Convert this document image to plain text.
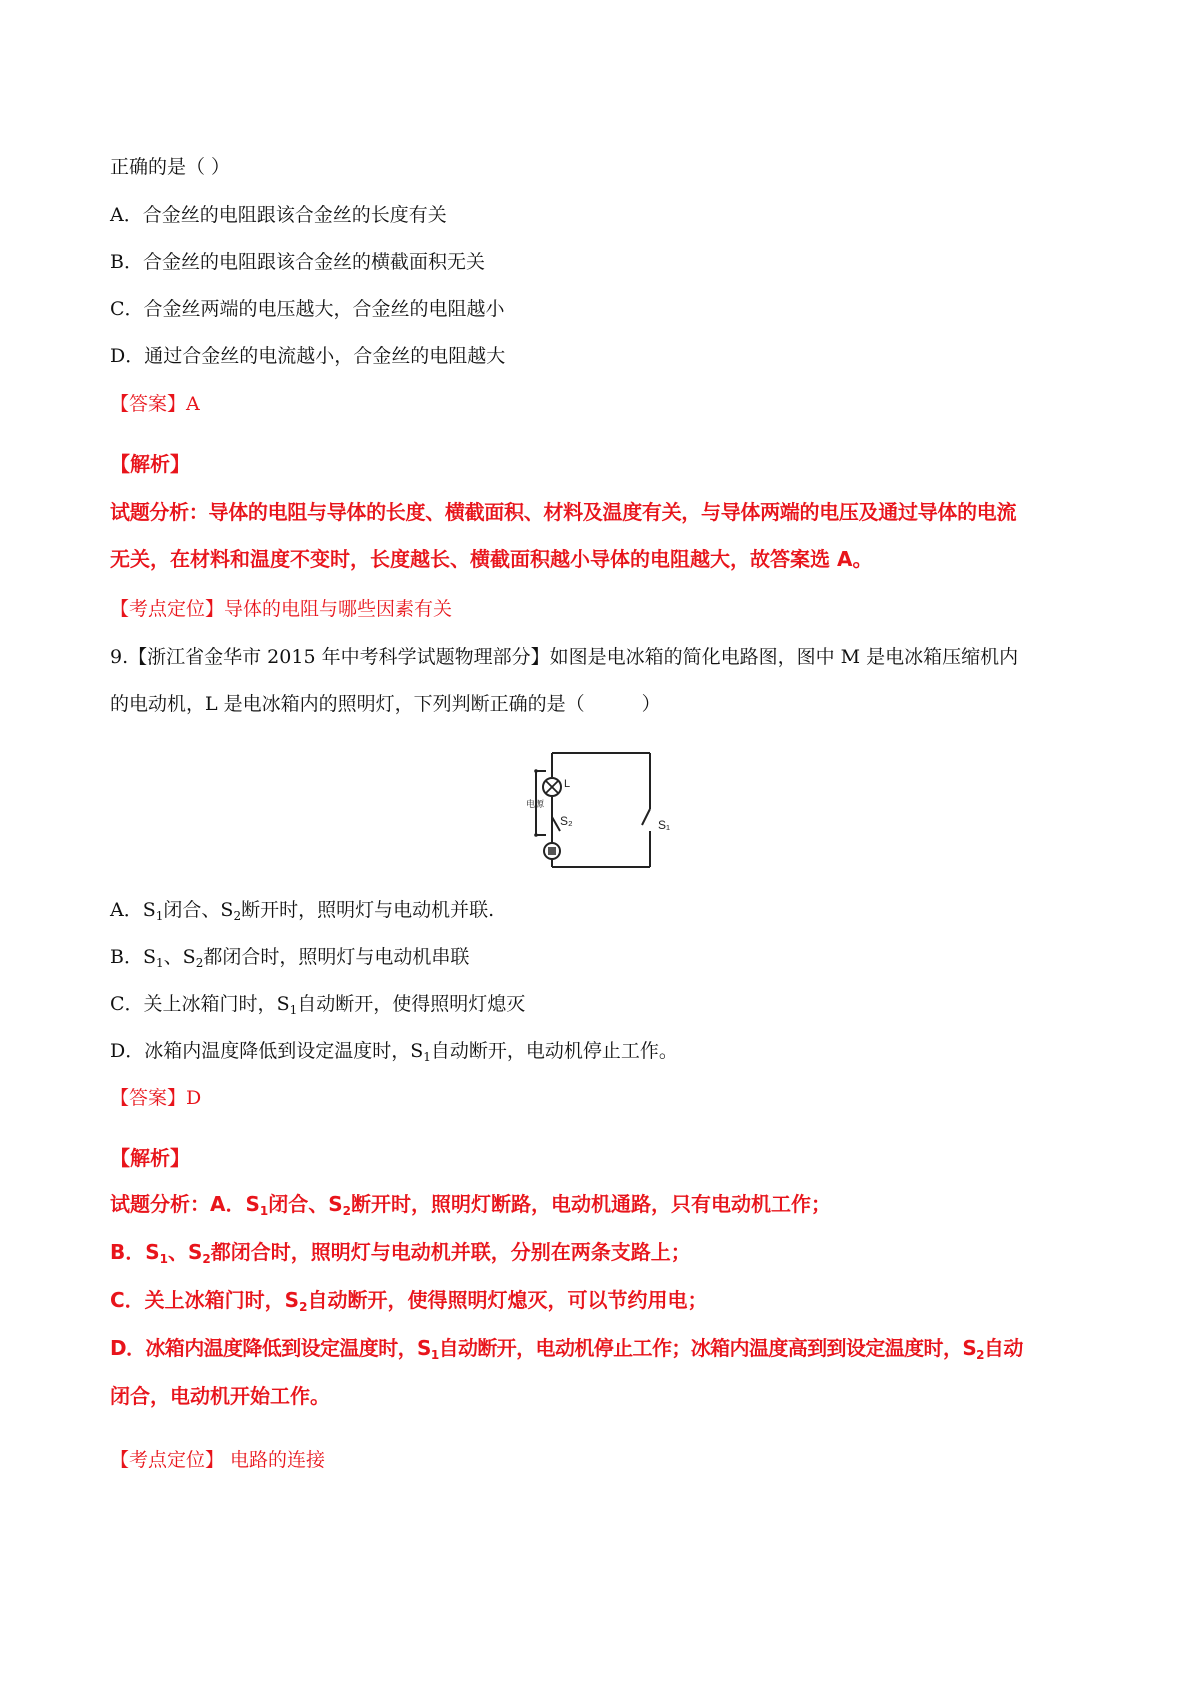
正确的是（ ）
A．合金丝的电阻跟该合金丝的长度有关
B．合金丝的电阻跟该合金丝的横截面积无关
C．合金丝两端的电压越大，合金丝的电阻越小
D．通过合金丝的电流越小，合金丝的电阻越大
【答案】A
【解析】
试题分析：导体的电阻与导体的长度、横截面积、材料及温度有关，与导体两端的电压及通过导体的电流
无关，在材料和温度不变时，长度越长、横截面积越小导体的电阻越大，故答案选 A。
【考点定位】导体的电阻与哪些因素有关
9.【浙江省金华市 2015 年中考科学试题物理部分】如图是电冰箱的简化电路图，图中 M 是电冰箱压缩机内
的电动机，L 是电冰箱内的照明灯，下列判断正确的是（　　　）
L
电源
S₂	S₁
A．$S_1$闭合、$S_2$断开时，照明灯与电动机并联.
B．$S_1$、$S_2$都闭合时，照明灯与电动机串联
C．关上冰箱门时，$S_1$自动断开，使得照明灯熄灭
D．冰箱内温度降低到设定温度时，$S_1$自动断开，电动机停止工作。
【答案】D
【解析】
试题分析：A．$S_1$闭合、$S_2$断开时，照明灯断路，电动机通路，只有电动机工作；
B．$S_1$、$S_2$都闭合时，照明灯与电动机并联，分别在两条支路上；
C．关上冰箱门时，$S_2$自动断开，使得照明灯熄灭，可以节约用电；
D．冰箱内温度降低到设定温度时，$S_1$自动断开，电动机停止工作；冰箱内温度高到到设定温度时，$S_2$自动
闭合，电动机开始工作。
【考点定位】 电路的连接
